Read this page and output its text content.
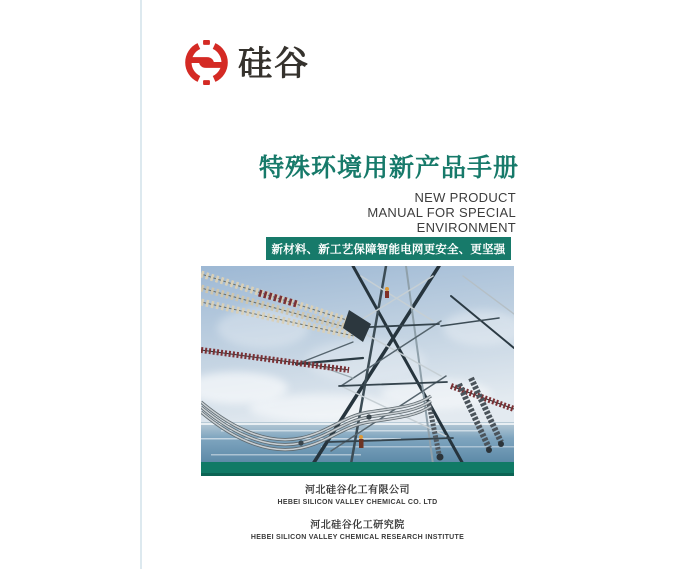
硅谷
特殊环境用新产品手册
NEW PRODUCT
MANUAL FOR SPECIAL
ENVIRONMENT
新材料、新工艺保障智能电网更安全、更坚强
河北硅谷化工有限公司
HEBEI SILICON VALLEY CHEMICAL CO. LTD
河北硅谷化工研究院
HEBEI SILICON VALLEY CHEMICAL RESEARCH INSTITUTE
